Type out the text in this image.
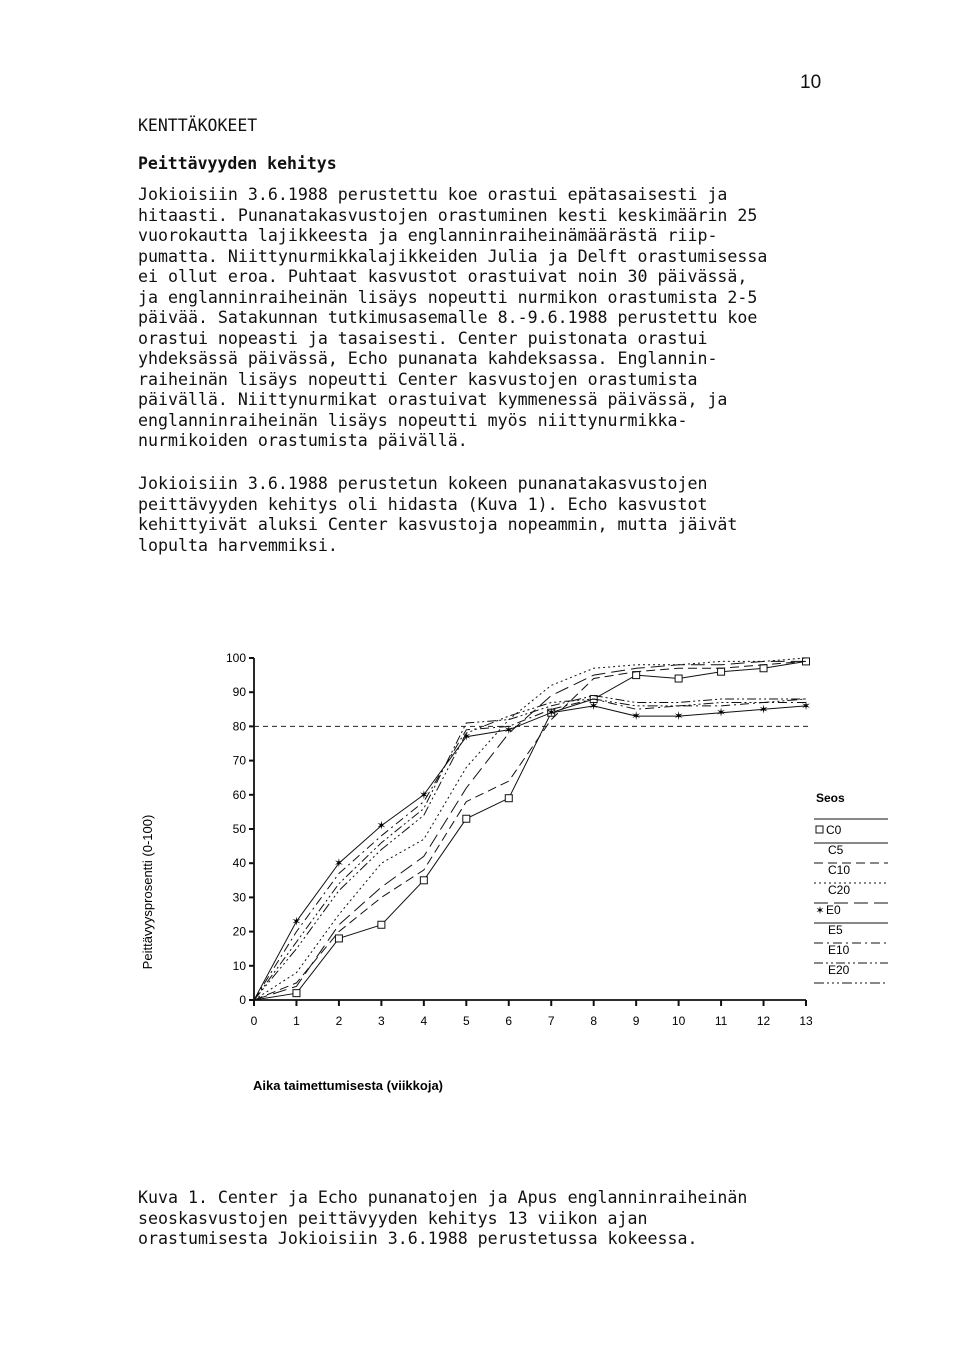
10
KENTTÄKOKEET
Peittävyyden kehitys
Jokioisiin 3.6.1988 perustettu koe orastui epätasaisesti ja
hitaasti. Punanatakasvustojen orastuminen kesti keskimäärin 25
vuorokautta lajikkeesta ja englanninraiheinämäärästä riip-
pumatta. Niittynurmikkalajikkeiden Julia ja Delft orastumisessa
ei ollut eroa. Puhtaat kasvustot orastuivat noin 30 päivässä,
ja englanninraiheinän lisäys nopeutti nurmikon orastumista 2-5
päivää. Satakunnan tutkimusasemalle 8.-9.6.1988 perustettu koe
orastui nopeasti ja tasaisesti. Center puistonata orastui
yhdeksässä päivässä, Echo punanata kahdeksassa. Englannin-
raiheinän lisäys nopeutti Center kasvustojen orastumista
päivällä. Niittynurmikat orastuivat kymmenessä päivässä, ja
englanninraiheinän lisäys nopeutti myös niittynurmikka-
nurmikoiden orastumista päivällä.
Jokioisiin 3.6.1988 perustetun kokeen punanatakasvustojen
peittävyyden kehitys oli hidasta (Kuva 1). Echo kasvustot
kehittyivät aluksi Center kasvustoja nopeammin, mutta jäivät
lopulta harvemmiksi.
0
10
20
30
40
50
60
70
80
90
100
0	1	2	3	4	5	6	7	8	9	10 11 12 13
✶
✶
✶
✶
✶	✶
✶	✶
✶	✶	✶	✶	✶
Peittävyysprosentti (0-100)
Aika taimettumisesta (viikkoja)
Seos
C0
C5
C10
C20
✶ E0
E5
E10
E20
Kuva 1. Center ja Echo punanatojen ja Apus englanninraiheinän
seoskasvustojen peittävyyden kehitys 13 viikon ajan
orastumisesta Jokioisiin 3.6.1988 perustetussa kokeessa.
